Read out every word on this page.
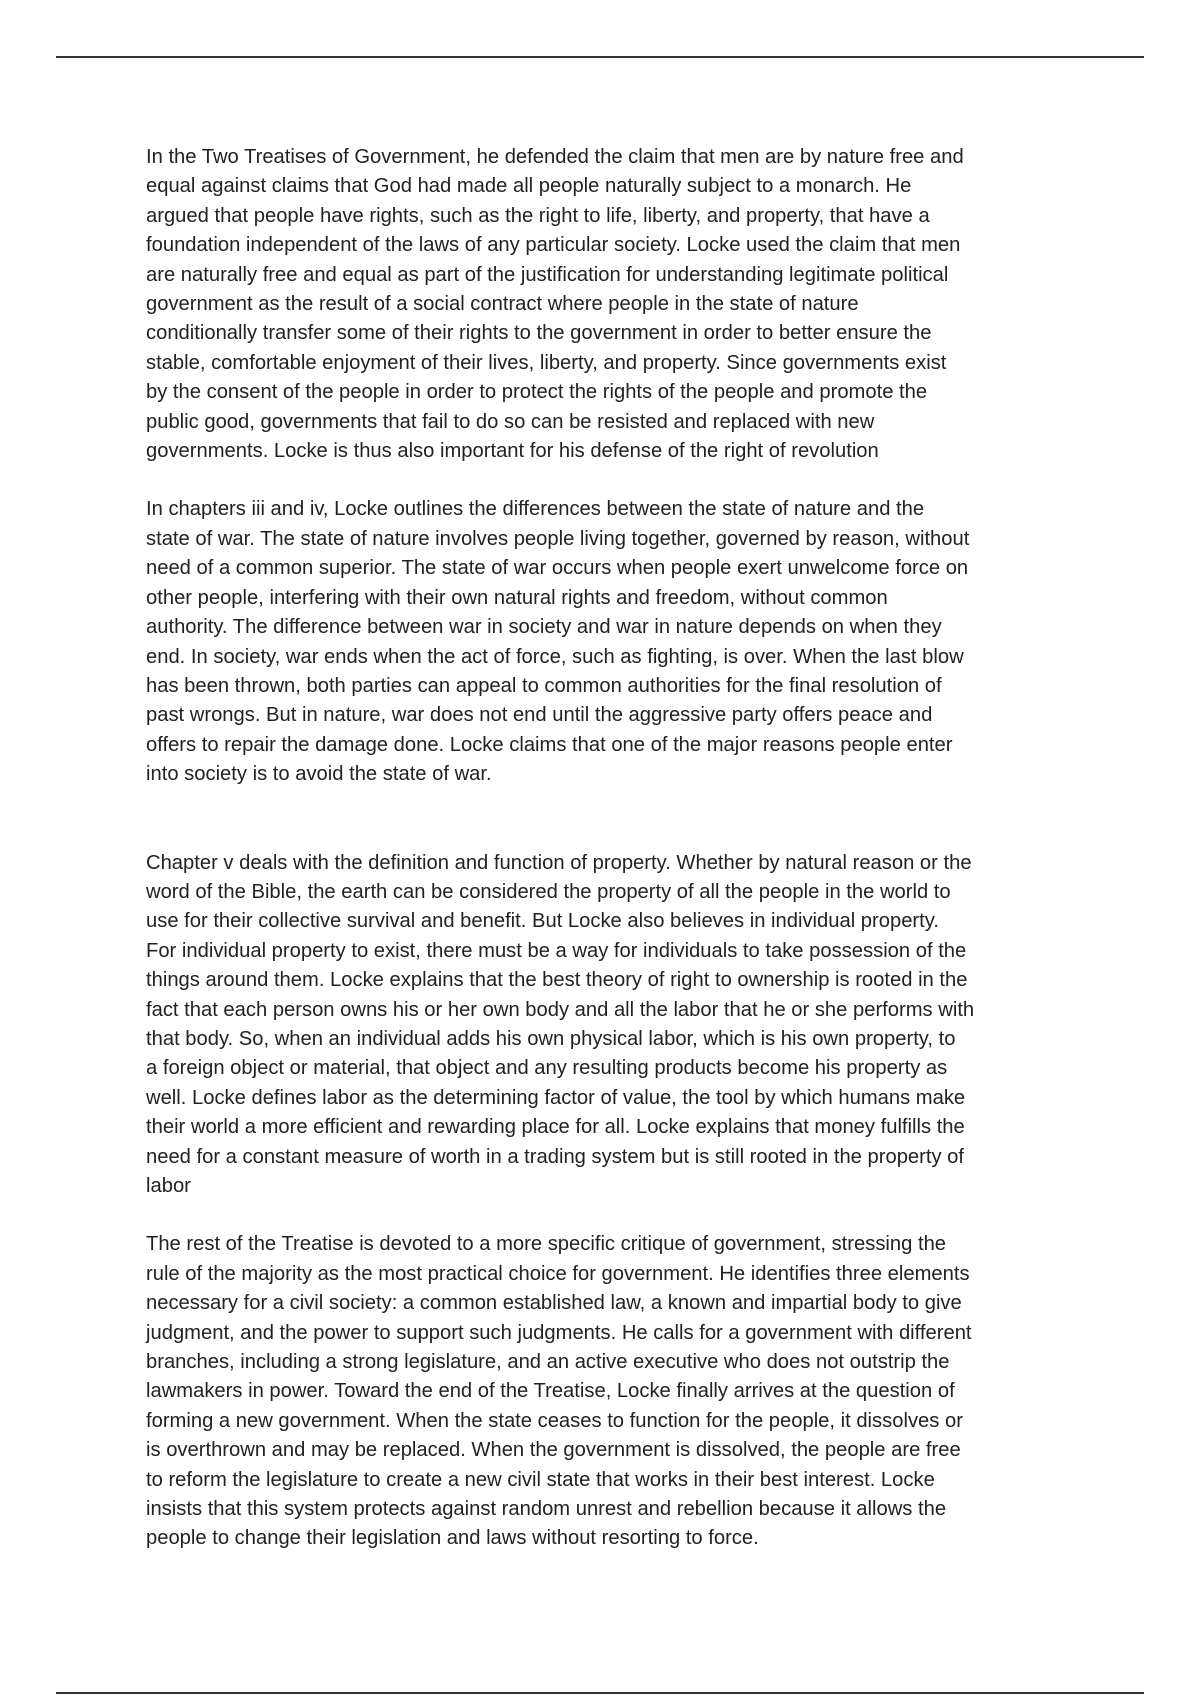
In the Two Treatises of Government, he defended the claim that men are by nature free and
equal against claims that God had made all people naturally subject to a monarch. He
argued that people have rights, such as the right to life, liberty, and property, that have a
foundation independent of the laws of any particular society. Locke used the claim that men
are naturally free and equal as part of the justification for understanding legitimate political
government as the result of a social contract where people in the state of nature
conditionally transfer some of their rights to the government in order to better ensure the
stable, comfortable enjoyment of their lives, liberty, and property. Since governments exist
by the consent of the people in order to protect the rights of the people and promote the
public good, governments that fail to do so can be resisted and replaced with new
governments. Locke is thus also important for his defense of the right of revolution

In chapters iii and iv, Locke outlines the differences between the state of nature and the
state of war. The state of nature involves people living together, governed by reason, without
need of a common superior. The state of war occurs when people exert unwelcome force on
other people, interfering with their own natural rights and freedom, without common
authority. The difference between war in society and war in nature depends on when they
end. In society, war ends when the act of force, such as fighting, is over. When the last blow
has been thrown, both parties can appeal to common authorities for the final resolution of
past wrongs. But in nature, war does not end until the aggressive party offers peace and
offers to repair the damage done. Locke claims that one of the major reasons people enter
into society is to avoid the state of war.

Chapter v deals with the definition and function of property. Whether by natural reason or the
word of the Bible, the earth can be considered the property of all the people in the world to
use for their collective survival and benefit. But Locke also believes in individual property.
For individual property to exist, there must be a way for individuals to take possession of the
things around them. Locke explains that the best theory of right to ownership is rooted in the
fact that each person owns his or her own body and all the labor that he or she performs with
that body. So, when an individual adds his own physical labor, which is his own property, to
a foreign object or material, that object and any resulting products become his property as
well. Locke defines labor as the determining factor of value, the tool by which humans make
their world a more efficient and rewarding place for all. Locke explains that money fulfills the
need for a constant measure of worth in a trading system but is still rooted in the property of
labor

The rest of the Treatise is devoted to a more specific critique of government, stressing the
rule of the majority as the most practical choice for government. He identifies three elements
necessary for a civil society: a common established law, a known and impartial body to give
judgment, and the power to support such judgments. He calls for a government with different
branches, including a strong legislature, and an active executive who does not outstrip the
lawmakers in power. Toward the end of the Treatise, Locke finally arrives at the question of
forming a new government. When the state ceases to function for the people, it dissolves or
is overthrown and may be replaced. When the government is dissolved, the people are free
to reform the legislature to create a new civil state that works in their best interest. Locke
insists that this system protects against random unrest and rebellion because it allows the
people to change their legislation and laws without resorting to force.
